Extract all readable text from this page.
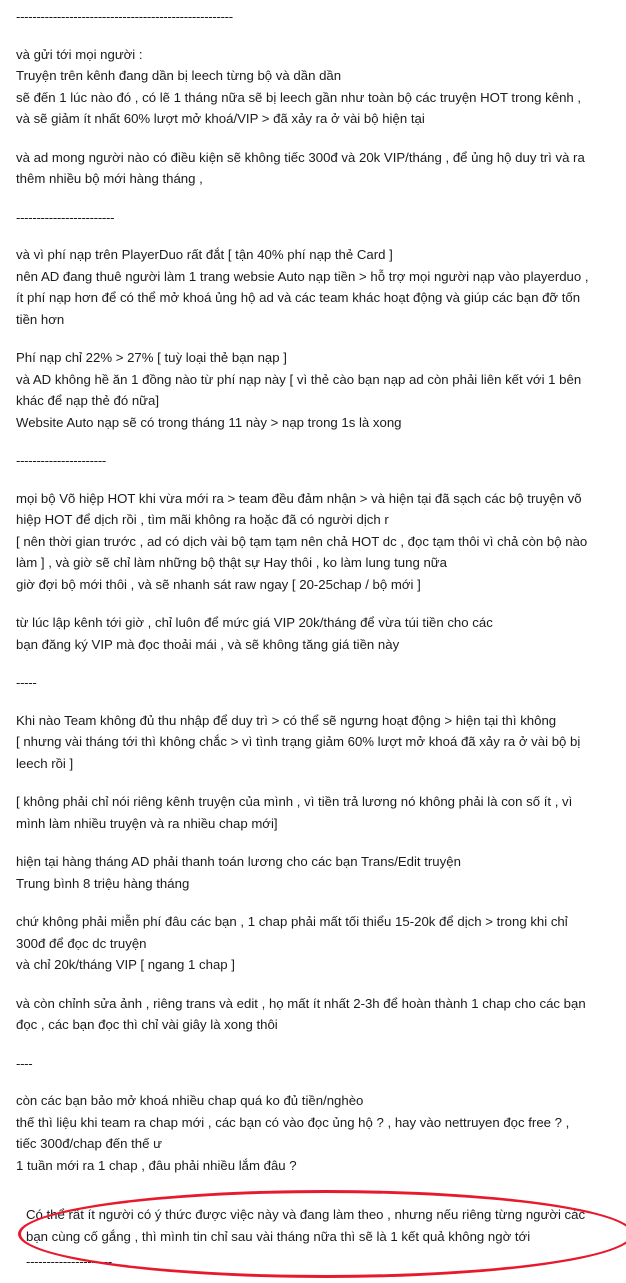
-----------------------------------------------------

và gửi tới mọi người :
Truyện trên kênh đang dần bị leech từng bộ và dần dần
sẽ đến 1 lúc nào đó , có lẽ 1 tháng nữa sẽ bị leech gần như toàn bộ các truyện HOT trong kênh ,
và sẽ giảm ít nhất 60% lượt mở khoá/VIP > đã xảy ra ở vài bộ hiện tại

và ad mong người nào có điều kiện sẽ không tiếc 300đ và 20k VIP/tháng , để ủng hộ duy trì và ra
thêm nhiều bộ mới hàng tháng ,

------------------------

và vì phí nạp trên PlayerDuo rất đắt [ tận 40% phí nạp thẻ Card ]
nên AD đang thuê người làm 1 trang websie Auto nạp tiền > hỗ trợ mọi người nạp vào playerduo ,
ít phí nạp hơn để có thể mở khoá ủng hộ ad và các team khác hoạt động và giúp các bạn đỡ tốn
tiền hơn

Phí nạp chỉ 22% > 27% [ tuỳ loại thẻ bạn nạp ]
và AD không hề ăn 1 đồng nào từ phí nạp này [ vì thẻ cào bạn nạp ad còn phải liên kết với 1 bên
khác để nạp thẻ đó nữa]
Website Auto nạp sẽ có trong tháng 11 này > nạp trong 1s là xong

----------------------

mọi bộ Võ hiệp HOT khi vừa mới ra > team đều đảm nhận > và hiện tại đã sạch các bộ truyện võ
hiệp HOT để dịch rồi , tìm mãi không ra hoặc đã có người dịch r
[ nên thời gian trước , ad có dịch vài bộ tạm tạm nên chả HOT dc , đọc tạm thôi vì chả còn bộ nào
làm ] , và giờ sẽ chỉ làm những bộ thật sự Hay thôi , ko làm lung tung nữa
giờ đợi bộ mới thôi , và sẽ nhanh sát raw ngay [ 20-25chap / bộ mới ]

từ lúc lập kênh tới giờ , chỉ luôn để mức giá VIP 20k/tháng để vừa túi tiền cho các
bạn đăng ký VIP mà đọc thoải mái , và sẽ không tăng giá tiền này

-----

Khi nào Team không đủ thu nhập để duy trì > có thể sẽ ngưng hoạt động > hiện tại thì không
[ nhưng vài tháng tới thì không chắc > vì tình trạng giảm 60% lượt mở khoá đã xảy ra ở vài bộ bị
leech rồi ]

[ không phải chỉ nói riêng kênh truyện của mình , vì tiền trả lương nó không phải là con số ít , vì
mình làm nhiều truyện và ra nhiều chap mới]

hiện tại hàng tháng AD phải thanh toán lương cho các bạn Trans/Edit truyện
Trung bình 8 triệu hàng tháng

chứ không phải miễn phí đâu các bạn , 1 chap phải mất tối thiểu 15-20k để dịch > trong khi chỉ
300đ để đọc dc truyện
và chỉ 20k/tháng VIP [ ngang 1 chap ]

và còn chỉnh sửa ảnh , riêng trans và edit , họ mất ít nhất 2-3h để hoàn thành 1 chap cho các bạn
đọc , các bạn đọc thì chỉ vài giây là xong thôi

----

còn các bạn bảo mở khoá nhiều chap quá ko đủ tiền/nghèo
thế thì liệu khi team ra chap mới , các bạn có vào đọc ủng hộ ? , hay vào nettruyen đọc free ? ,
tiếc 300đ/chap đến thế ư
1 tuần mới ra 1 chap , đâu phải nhiều lắm đâu ?

Có thể rất ít người có ý thức được việc này và đang làm theo , nhưng nếu riêng từng người các
bạn cùng cố gắng , thì mình tin chỉ sau vài tháng nữa thì sẽ là 1 kết quả không ngờ tới

---------------------
